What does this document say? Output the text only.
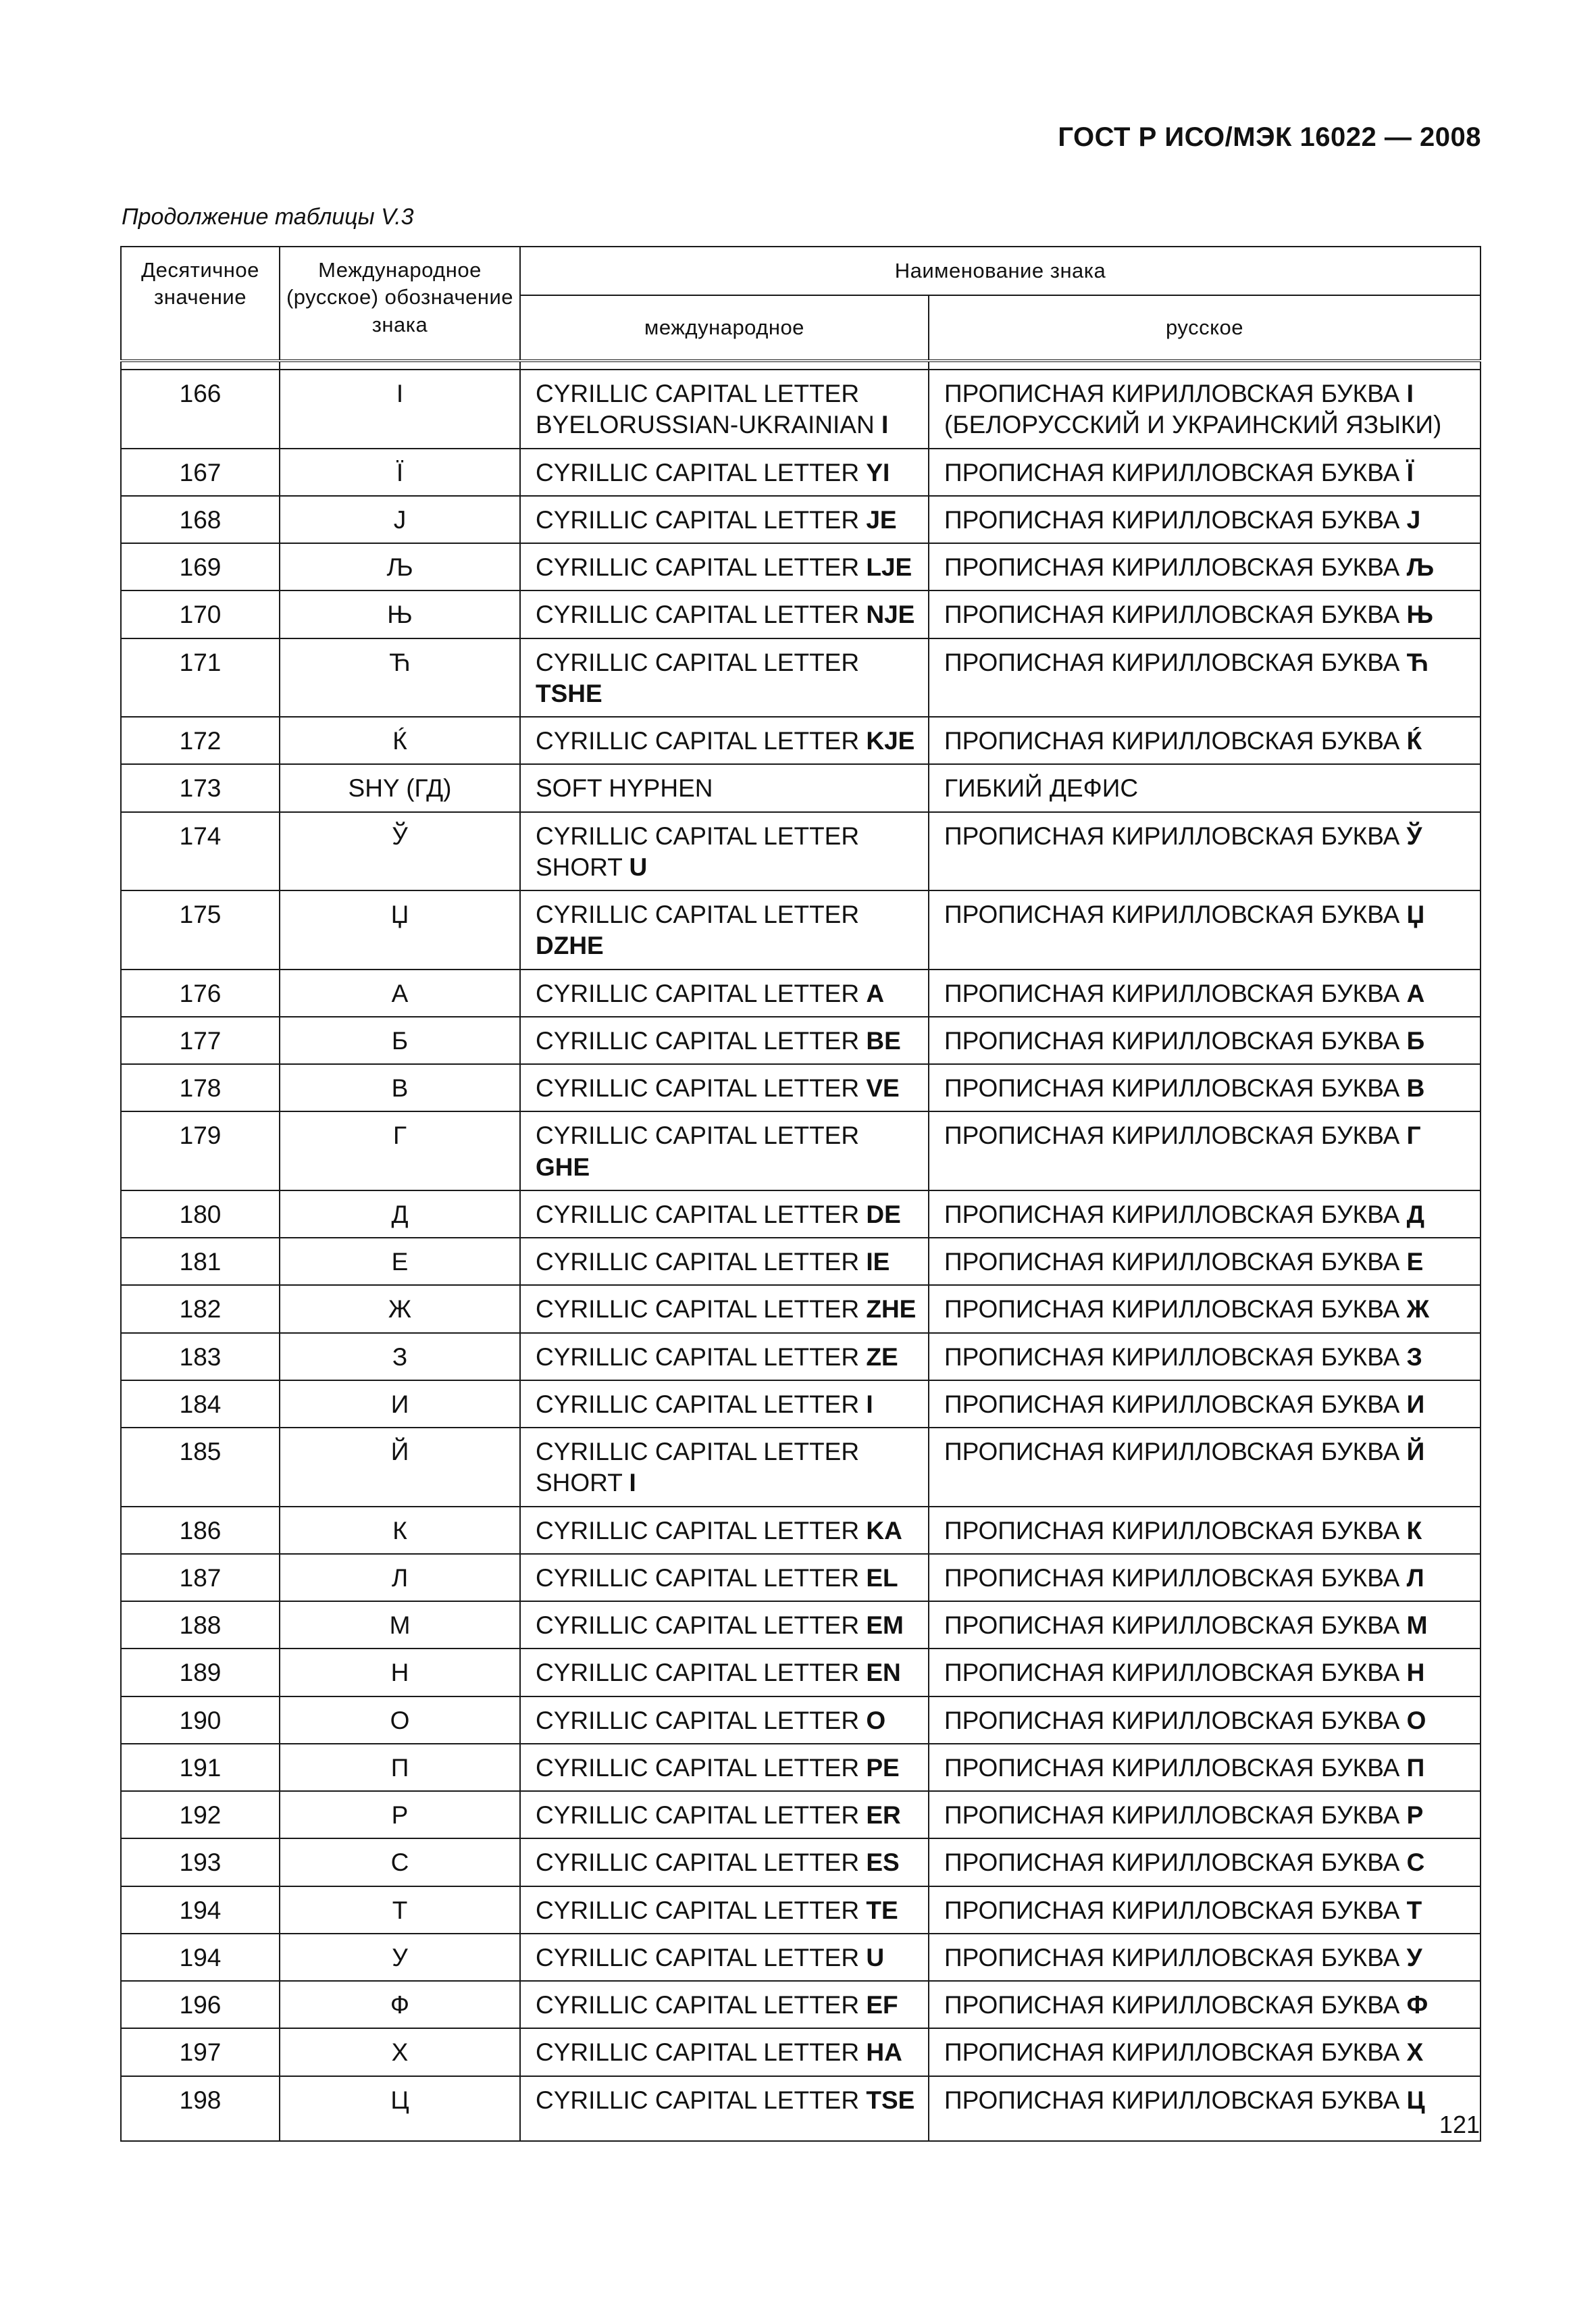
ГОСТ Р ИСО/МЭК 16022 — 2008
Продолжение таблицы V.3
Десятичное значение	Международное (русское) обозначение знака	Наименование знака	
		международное	русское

166	I	CYRILLIC CAPITAL LETTER BYELORUSSIAN-UKRAINIAN I	ПРОПИСНАЯ КИРИЛЛОВСКАЯ БУКВА I (БЕЛОРУССКИЙ И УКРАИНСКИЙ ЯЗЫКИ)
167	Ї	CYRILLIC CAPITAL LETTER YI	ПРОПИСНАЯ КИРИЛЛОВСКАЯ БУКВА Ї
168	J	CYRILLIC CAPITAL LETTER JE	ПРОПИСНАЯ КИРИЛЛОВСКАЯ БУКВА J
169	Љ	CYRILLIC CAPITAL LETTER LJE	ПРОПИСНАЯ КИРИЛЛОВСКАЯ БУКВА Љ
170	Њ	CYRILLIC CAPITAL LETTER NJE	ПРОПИСНАЯ КИРИЛЛОВСКАЯ БУКВА Њ
171	Ћ	CYRILLIC CAPITAL LETTER TSHE	ПРОПИСНАЯ КИРИЛЛОВСКАЯ БУКВА Ћ
172	Ќ	CYRILLIC CAPITAL LETTER KJE	ПРОПИСНАЯ КИРИЛЛОВСКАЯ БУКВА Ќ
173	SHY (ГД)	SOFT HYPHEN	ГИБКИЙ ДЕФИС
174	Ў	CYRILLIC CAPITAL LETTER SHORT U	ПРОПИСНАЯ КИРИЛЛОВСКАЯ БУКВА Ў
175	Џ	CYRILLIC CAPITAL LETTER DZHE	ПРОПИСНАЯ КИРИЛЛОВСКАЯ БУКВА Џ
176	А	CYRILLIC CAPITAL LETTER A	ПРОПИСНАЯ КИРИЛЛОВСКАЯ БУКВА А
177	Б	CYRILLIC CAPITAL LETTER BE	ПРОПИСНАЯ КИРИЛЛОВСКАЯ БУКВА Б
178	В	CYRILLIC CAPITAL LETTER VE	ПРОПИСНАЯ КИРИЛЛОВСКАЯ БУКВА В
179	Г	CYRILLIC CAPITAL LETTER GHE	ПРОПИСНАЯ КИРИЛЛОВСКАЯ БУКВА Г
180	Д	CYRILLIC CAPITAL LETTER DE	ПРОПИСНАЯ КИРИЛЛОВСКАЯ БУКВА Д
181	Е	CYRILLIC CAPITAL LETTER IE	ПРОПИСНАЯ КИРИЛЛОВСКАЯ БУКВА Е
182	Ж	CYRILLIC CAPITAL LETTER ZHE	ПРОПИСНАЯ КИРИЛЛОВСКАЯ БУКВА Ж
183	З	CYRILLIC CAPITAL LETTER ZE	ПРОПИСНАЯ КИРИЛЛОВСКАЯ БУКВА З
184	И	CYRILLIC CAPITAL LETTER I	ПРОПИСНАЯ КИРИЛЛОВСКАЯ БУКВА И
185	Й	CYRILLIC CAPITAL LETTER SHORT I	ПРОПИСНАЯ КИРИЛЛОВСКАЯ БУКВА Й
186	К	CYRILLIC CAPITAL LETTER KA	ПРОПИСНАЯ КИРИЛЛОВСКАЯ БУКВА К
187	Л	CYRILLIC CAPITAL LETTER EL	ПРОПИСНАЯ КИРИЛЛОВСКАЯ БУКВА Л
188	М	CYRILLIC CAPITAL LETTER EM	ПРОПИСНАЯ КИРИЛЛОВСКАЯ БУКВА М
189	Н	CYRILLIC CAPITAL LETTER EN	ПРОПИСНАЯ КИРИЛЛОВСКАЯ БУКВА Н
190	О	CYRILLIC CAPITAL LETTER O	ПРОПИСНАЯ КИРИЛЛОВСКАЯ БУКВА О
191	П	CYRILLIC CAPITAL LETTER PE	ПРОПИСНАЯ КИРИЛЛОВСКАЯ БУКВА П
192	Р	CYRILLIC CAPITAL LETTER ER	ПРОПИСНАЯ КИРИЛЛОВСКАЯ БУКВА Р
193	С	CYRILLIC CAPITAL LETTER ES	ПРОПИСНАЯ КИРИЛЛОВСКАЯ БУКВА С
194	Т	CYRILLIC CAPITAL LETTER TE	ПРОПИСНАЯ КИРИЛЛОВСКАЯ БУКВА Т
194	У	CYRILLIC CAPITAL LETTER U	ПРОПИСНАЯ КИРИЛЛОВСКАЯ БУКВА У
196	Ф	CYRILLIC CAPITAL LETTER EF	ПРОПИСНАЯ КИРИЛЛОВСКАЯ БУКВА Ф
197	Х	CYRILLIC CAPITAL LETTER HA	ПРОПИСНАЯ КИРИЛЛОВСКАЯ БУКВА Х
198	Ц	CYRILLIC CAPITAL LETTER TSE	ПРОПИСНАЯ КИРИЛЛОВСКАЯ БУКВА Ц
121
